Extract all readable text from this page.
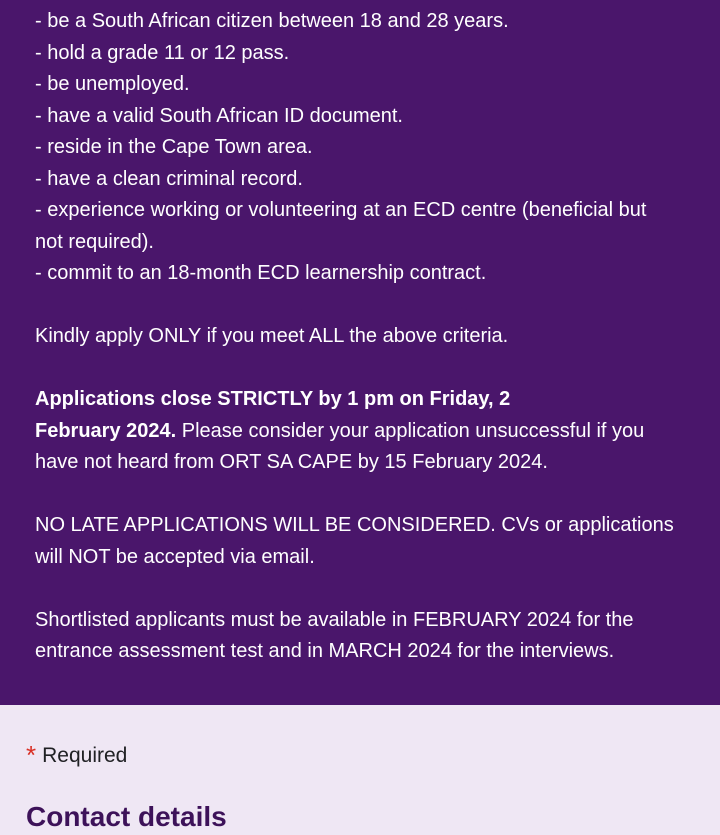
- be a South African citizen between 18 and 28 years.
- hold a grade 11 or 12 pass.
- be unemployed.
- have a valid South African ID document.
- reside in the Cape Town area.
- have a clean criminal record.
- experience working or volunteering at an ECD centre (beneficial but
not required).
- commit to an 18-month ECD learnership contract.
Kindly apply ONLY if you meet ALL the above criteria.
Applications close STRICTLY by 1 pm on Friday, 2
February 2024. Please consider your application unsuccessful if you
have not heard from ORT SA CAPE by 15 February 2024.
NO LATE APPLICATIONS WILL BE CONSIDERED. CVs or applications
will NOT be accepted via email.
Shortlisted applicants must be available in FEBRUARY 2024 for the
entrance assessment test and in MARCH 2024 for the interviews.
* Required
Contact details
